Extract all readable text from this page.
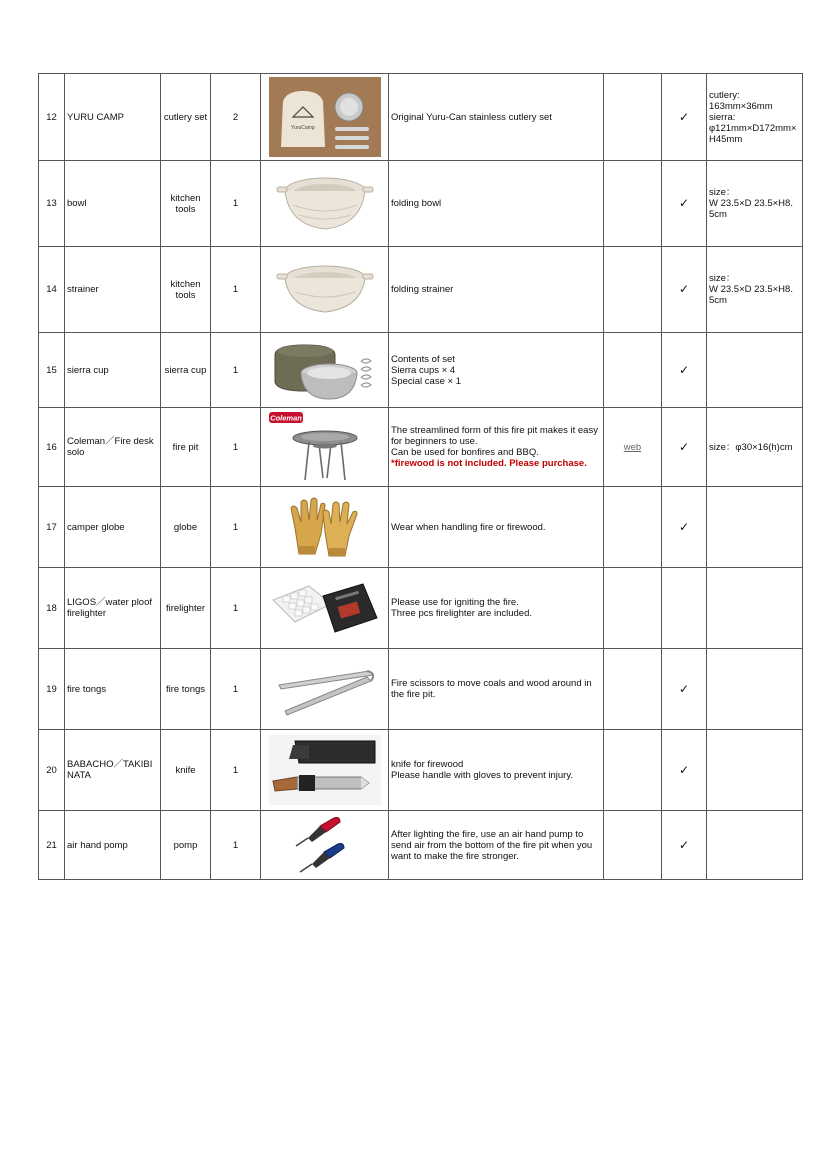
12	YURU CAMP	cutlery set	2	YuruCamp	Original Yuru-Can stainless cutlery set		✓	cutlery:
163mm×36mm
sierra:
φ121mm×D172mm×
H45mm
13	bowl	kitchen
tools	1		folding bowl		✓	size：
W 23.5×D 23.5×H8.
5cm
14	strainer	kitchen
tools	1		folding strainer		✓	size：
W 23.5×D 23.5×H8.
5cm
15	sierra cup	sierra cup	1		Contents of set
Sierra cups × 4
Special case × 1		✓	
16	Coleman／Fire desk solo	fire pit	1	Coleman	The streamlined form of this fire pit makes it easy for beginners to use.
Can be used for bonfires and BBQ.
*firewood is not included. Please purchase.	web	✓	size：φ30×16(h)cm
17	camper globe	globe	1		Wear when handling fire or firewood.		✓	
18	LIGOS／water ploof firelighter	firelighter	1		Please use for igniting the fire.
Three pcs firelighter are included.			
19	fire tongs	fire tongs	1		Fire scissors to move coals and wood around in the fire pit.		✓	
20	BABACHO／TAKIBI NATA	knife	1		knife for firewood
Please handle with gloves to prevent injury.		✓	
21	air hand pomp	pomp	1		After lighting the fire, use an air hand pump to send air from the bottom of the fire pit when you want to make the fire stronger.		✓	
